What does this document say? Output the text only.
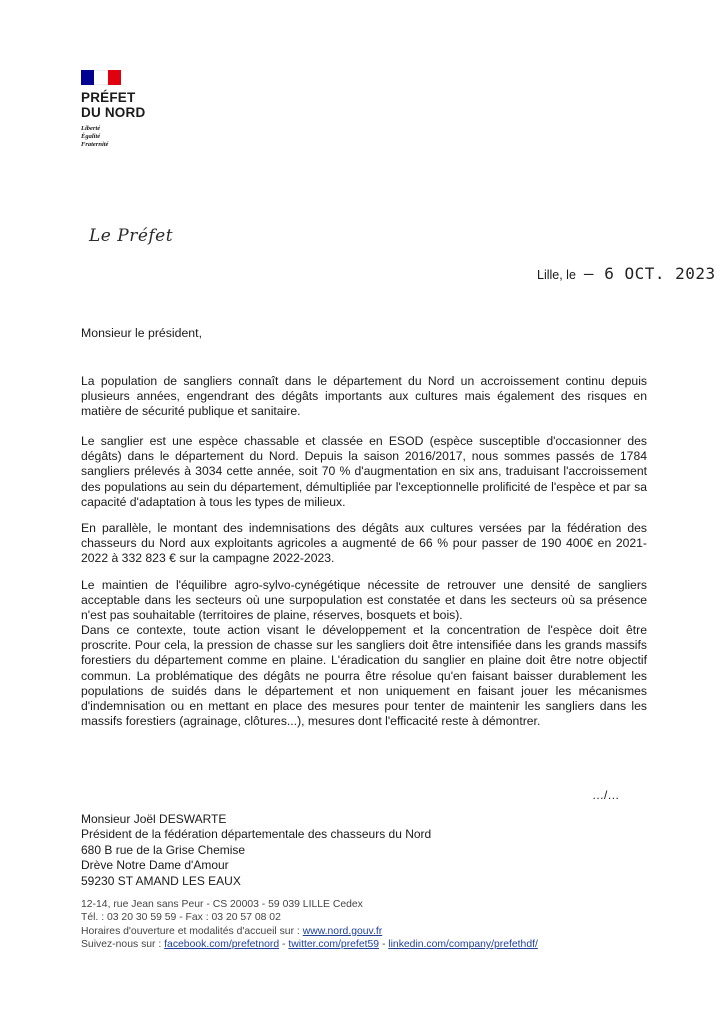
PRÉFET
DU NORD
Liberté
Égalité
Fraternité
Le Préfet
Lille, le – 6 OCT. 2023
Monsieur le président,
La population de sangliers connaît dans le département du Nord un accroissement continu depuis plusieurs années, engendrant des dégâts importants aux cultures mais également des risques en matière de sécurité publique et sanitaire.
Le sanglier est une espèce chassable et classée en ESOD (espèce susceptible d'occasionner des dégâts) dans le département du Nord. Depuis la saison 2016/2017, nous sommes passés de 1784 sangliers prélevés à 3034 cette année, soit 70 % d'augmentation en six ans, traduisant l'accroissement des populations au sein du département, démultipliée par l'exceptionnelle prolificité de l'espèce et par sa capacité d'adaptation à tous les types de milieux.
En parallèle, le montant des indemnisations des dégâts aux cultures versées par la fédération des chasseurs du Nord aux exploitants agricoles a augmenté de 66 % pour passer de 190 400€ en 2021-2022 à 332 823 € sur la campagne 2022-2023.
Le maintien de l'équilibre agro-sylvo-cynégétique nécessite de retrouver une densité de sangliers acceptable dans les secteurs où une surpopulation est constatée et dans les secteurs où sa présence n'est pas souhaitable (territoires de plaine, réserves, bosquets et bois).
Dans ce contexte, toute action visant le développement et la concentration de l'espèce doit être proscrite. Pour cela, la pression de chasse sur les sangliers doit être intensifiée dans les grands massifs forestiers du département comme en plaine. L'éradication du sanglier en plaine doit être notre objectif commun. La problématique des dégâts ne pourra être résolue qu'en faisant baisser durablement les populations de suidés dans le département et non uniquement en faisant jouer les mécanismes d'indemnisation ou en mettant en place des mesures pour tenter de maintenir les sangliers dans les massifs forestiers (agrainage, clôtures...), mesures dont l'efficacité reste à démontrer.
…/…
Monsieur Joël DESWARTE
Président de la fédération départementale des chasseurs du Nord
680 B rue de la Grise Chemise
Drève Notre Dame d'Amour
59230 ST AMAND LES EAUX
12-14, rue Jean sans Peur - CS 20003 - 59 039 LILLE Cedex
Tél. : 03 20 30 59 59 - Fax : 03 20 57 08 02
Horaires d'ouverture et modalités d'accueil sur : www.nord.gouv.fr
Suivez-nous sur : facebook.com/prefetnord - twitter.com/prefet59 - linkedin.com/company/prefethdf/
